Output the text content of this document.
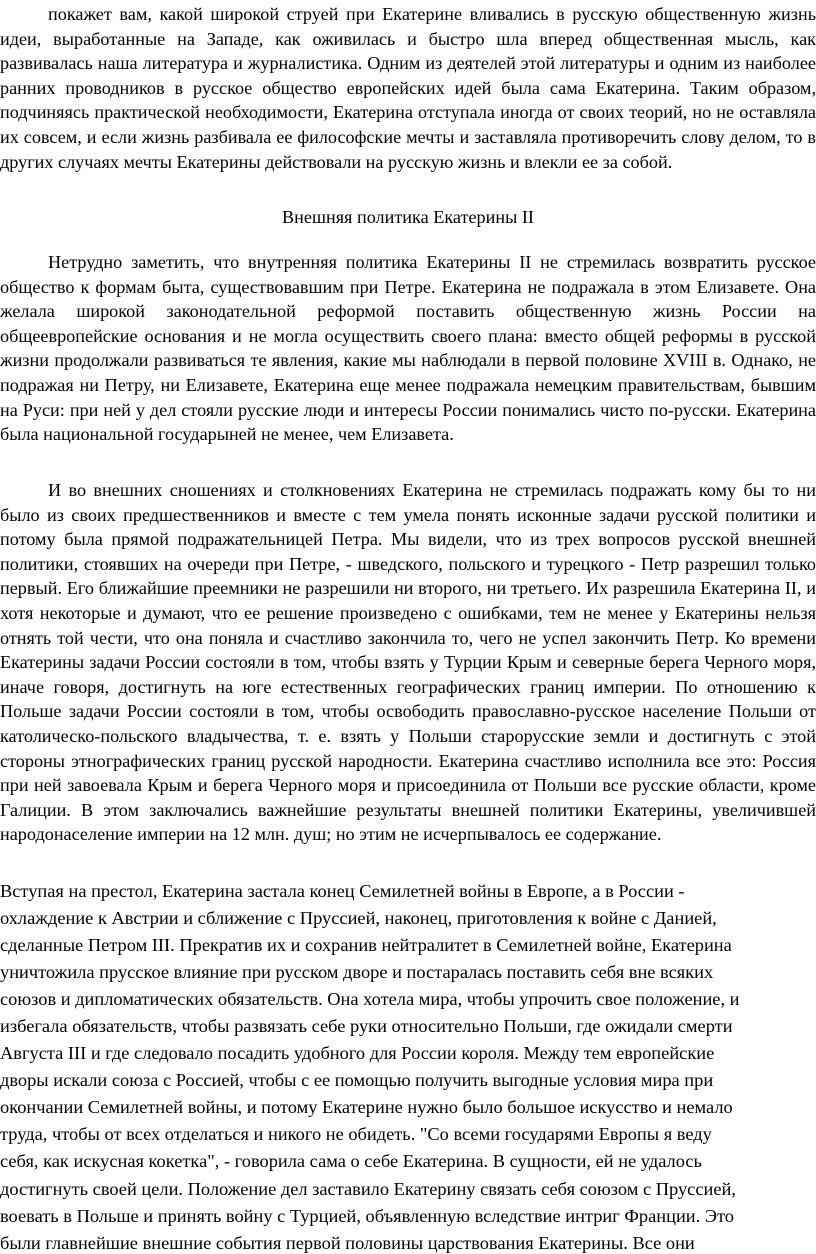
покажет вам, какой широкой струей при Екатерине вливались в русскую общественную жизнь идеи, выработанные на Западе, как оживилась и быстро шла вперед общественная мысль, как развивалась наша литература и журналистика. Одним из деятелей этой литературы и одним из наиболее ранних проводников в русское общество европейских идей была сама Екатерина. Таким образом, подчиняясь практической необходимости, Екатерина отступала иногда от своих теорий, но не оставляла их совсем, и если жизнь разбивала ее философские мечты и заставляла противоречить слову делом, то в других случаях мечты Екатерины действовали на русскую жизнь и влекли ее за собой.

Внешняя политика Екатерины II

Нетрудно заметить, что внутренняя политика Екатерины II не стремилась возвратить русское общество к формам быта, существовавшим при Петре. Екатерина не подражала в этом Елизавете. Она желала широкой законодательной реформой поставить общественную жизнь России на общеевропейские основания и не могла осуществить своего плана: вместо общей реформы в русской жизни продолжали развиваться те явления, какие мы наблюдали в первой половине XVIII в. Однако, не подражая ни Петру, ни Елизавете, Екатерина еще менее подражала немецким правительствам, бывшим на Руси: при ней у дел стояли русские люди и интересы России понимались чисто по-русски. Екатерина была национальной государыней не менее, чем Елизавета.

И во внешних сношениях и столкновениях Екатерина не стремилась подражать кому бы то ни было из своих предшественников и вместе с тем умела понять исконные задачи русской политики и потому была прямой подражательницей Петра. Мы видели, что из трех вопросов русской внешней политики, стоявших на очереди при Петре, - шведского, польского и турецкого - Петр разрешил только первый. Его ближайшие преемники не разрешили ни второго, ни третьего. Их разрешила Екатерина II, и хотя некоторые и думают, что ее решение произведено с ошибками, тем не менее у Екатерины нельзя отнять той чести, что она поняла и счастливо закончила то, чего не успел закончить Петр. Ко времени Екатерины задачи России состояли в том, чтобы взять у Турции Крым и северные берега Черного моря, иначе говоря, достигнуть на юге естественных географических границ империи. По отношению к Польше задачи России состояли в том, чтобы освободить православно-русское население Польши от католическо-польского владычества, т. е. взять у Польши старорусские земли и достигнуть с этой стороны этнографических границ русской народности. Екатерина счастливо исполнила все это: Россия при ней завоевала Крым и берега Черного моря и присоединила от Польши все русские области, кроме Галиции. В этом заключались важнейшие результаты внешней политики Екатерины, увеличившей народонаселение империи на 12 млн. душ; но этим не исчерпывалось ее содержание.

Вступая на престол, Екатерина застала конец Семилетней войны в Европе, а в России -
охлаждение к Австрии и сближение с Пруссией, наконец, приготовления к войне с Данией,
сделанные Петром III. Прекратив их и сохранив нейтралитет в Семилетней войне, Екатерина
уничтожила прусское влияние при русском дворе и постаралась поставить себя вне всяких
союзов и дипломатических обязательств. Она хотела мира, чтобы упрочить свое положение, и
избегала обязательств, чтобы развязать себе руки относительно Польши, где ожидали смерти
Августа III и где следовало посадить удобного для России короля. Между тем европейские
дворы искали союза с Россией, чтобы с ее помощью получить выгодные условия мира при
окончании Семилетней войны, и потому Екатерине нужно было большое искусство и немало
труда, чтобы от всех отделаться и никого не обидеть. "Со всеми государями Европы я веду
себя, как искусная кокетка", - говорила сама о себе Екатерина. В сущности, ей не удалось
достигнуть своей цели. Положение дел заставило Екатерину связать себя союзом с Пруссией,
воевать в Польше и принять войну с Турцией, объявленную вследствие интриг Франции. Это
были главнейшие внешние события первой половины царствования Екатерины. Все они
